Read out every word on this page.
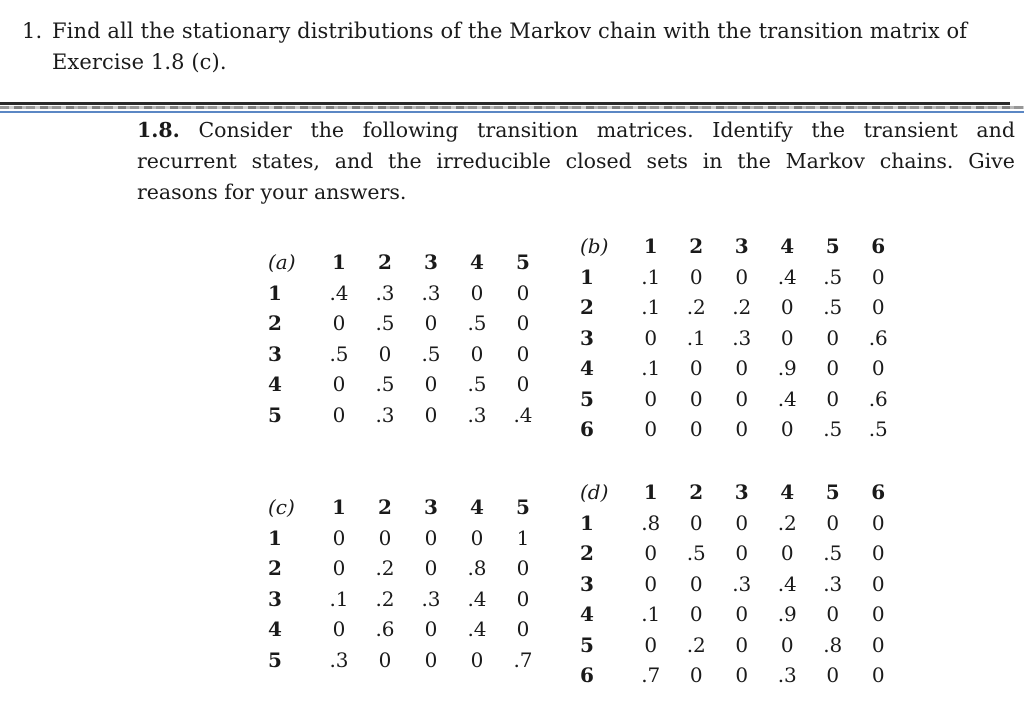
1. Find all the stationary distributions of the Markov chain with the transition matrix of
Exercise 1.8 (c).
1.8. Consider the following transition matrices. Identify the transient and
recurrent states, and the irreducible closed sets in the Markov chains. Give
reasons for your answers.
(a)	1	2	3	4	5
1	.4	.3	.3	0	0
2	0	.5	0	.5	0
3	.5	0	.5	0	0
4	0	.5	0	.5	0
5	0	.3	0	.3	.4
(b)	1	2	3	4	5	6
1	.1	0	0	.4	.5	0
2	.1	.2	.2	0	.5	0
3	0	.1	.3	0	0	.6
4	.1	0	0	.9	0	0
5	0	0	0	.4	0	.6
6	0	0	0	0	.5	.5
(c)	1	2	3	4	5
1	0	0	0	0	1
2	0	.2	0	.8	0
3	.1	.2	.3	.4	0
4	0	.6	0	.4	0
5	.3	0	0	0	.7
(d)	1	2	3	4	5	6
1	.8	0	0	.2	0	0
2	0	.5	0	0	.5	0
3	0	0	.3	.4	.3	0
4	.1	0	0	.9	0	0
5	0	.2	0	0	.8	0
6	.7	0	0	.3	0	0
